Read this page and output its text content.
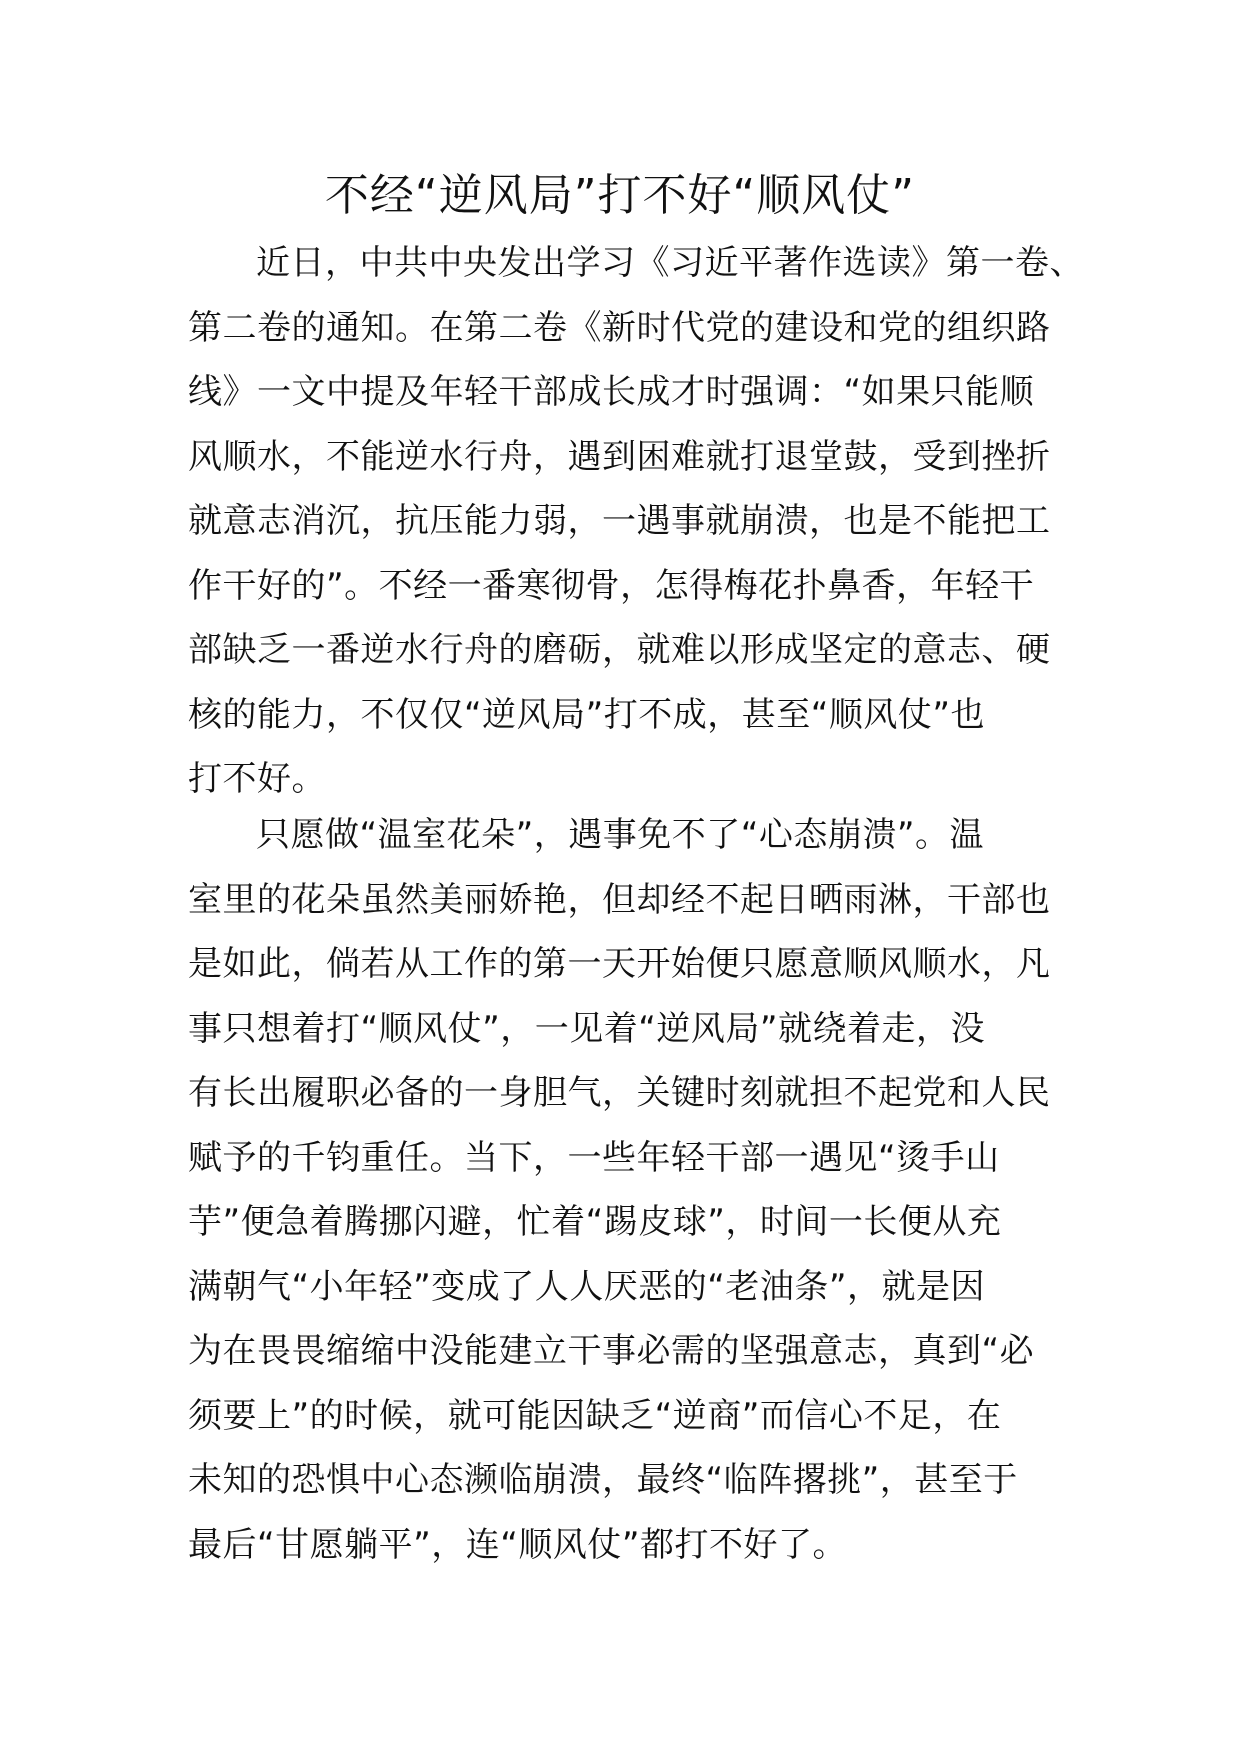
不经“逆风局”打不好“顺风仗”
近日，中共中央发出学习《习近平著作选读》第一卷、
第二卷的通知。在第二卷《新时代党的建设和党的组织路
线》一文中提及年轻干部成长成才时强调：“如果只能顺
风顺水，不能逆水行舟，遇到困难就打退堂鼓，受到挫折
就意志消沉，抗压能力弱，一遇事就崩溃，也是不能把工
作干好的”。不经一番寒彻骨，怎得梅花扑鼻香，年轻干
部缺乏一番逆水行舟的磨砺，就难以形成坚定的意志、硬
核的能力，不仅仅“逆风局”打不成，甚至“顺风仗”也
打不好。
只愿做“温室花朵”，遇事免不了“心态崩溃”。温
室里的花朵虽然美丽娇艳，但却经不起日晒雨淋，干部也
是如此，倘若从工作的第一天开始便只愿意顺风顺水，凡
事只想着打“顺风仗”，一见着“逆风局”就绕着走，没
有长出履职必备的一身胆气，关键时刻就担不起党和人民
赋予的千钧重任。当下，一些年轻干部一遇见“烫手山
芋”便急着腾挪闪避，忙着“踢皮球”，时间一长便从充
满朝气“小年轻”变成了人人厌恶的“老油条”，就是因
为在畏畏缩缩中没能建立干事必需的坚强意志，真到“必
须要上”的时候，就可能因缺乏“逆商”而信心不足，在
未知的恐惧中心态濒临崩溃，最终“临阵撂挑”，甚至于
最后“甘愿躺平”，连“顺风仗”都打不好了。
